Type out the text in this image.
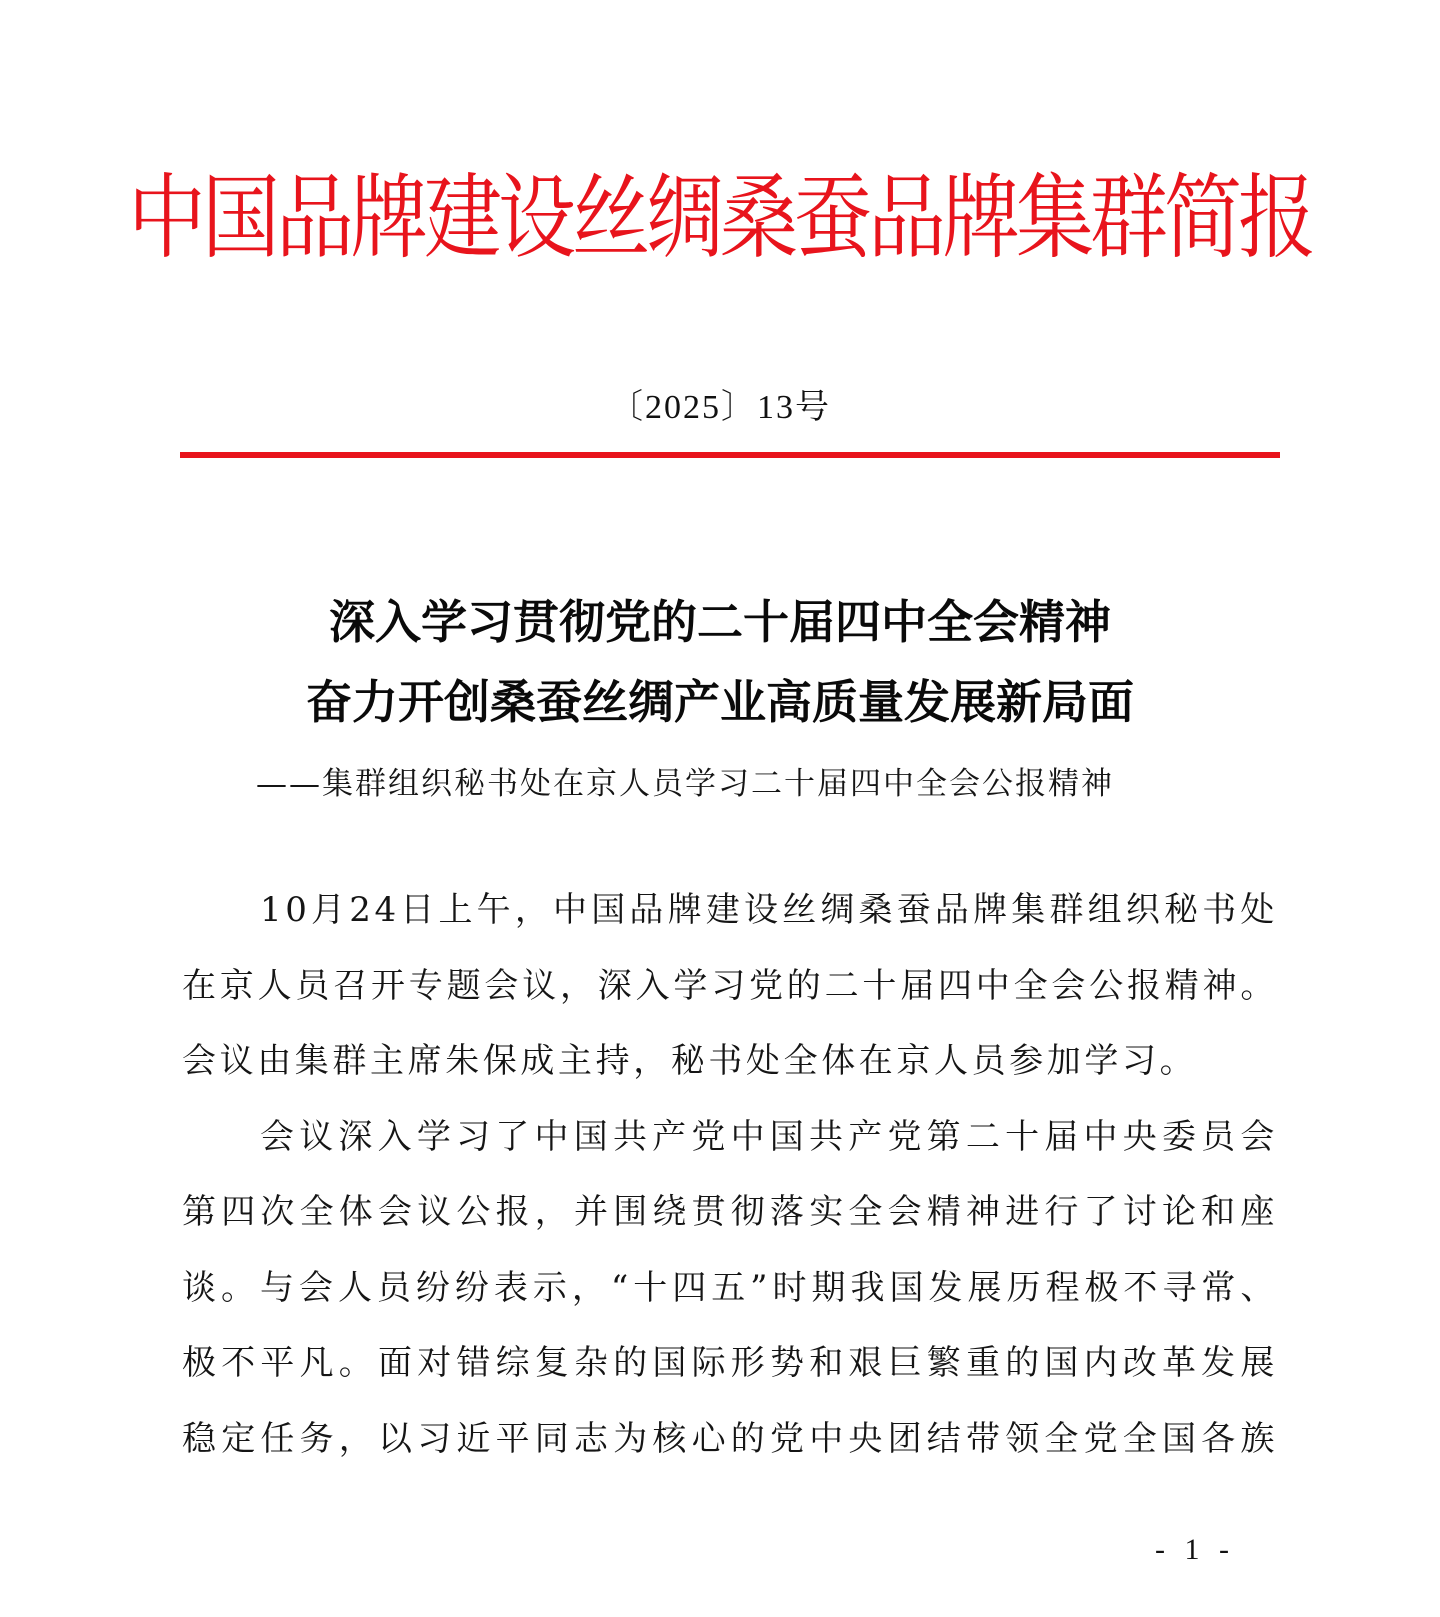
中国品牌建设丝绸桑蚕品牌集群简报
〔2025〕13号
深入学习贯彻党的二十届四中全会精神
奋力开创桑蚕丝绸产业高质量发展新局面
——集群组织秘书处在京人员学习二十届四中全会公报精神
10月24日上午，中国品牌建设丝绸桑蚕品牌集群组织秘书处
在京人员召开专题会议，深入学习党的二十届四中全会公报精神。
会议由集群主席朱保成主持，秘书处全体在京人员参加学习。
会议深入学习了中国共产党中国共产党第二十届中央委员会
第四次全体会议公报，并围绕贯彻落实全会精神进行了讨论和座
谈。与会人员纷纷表示，“十四五”时期我国发展历程极不寻常、
极不平凡。面对错综复杂的国际形势和艰巨繁重的国内改革发展
稳定任务，以习近平同志为核心的党中央团结带领全党全国各族
- 1 -
